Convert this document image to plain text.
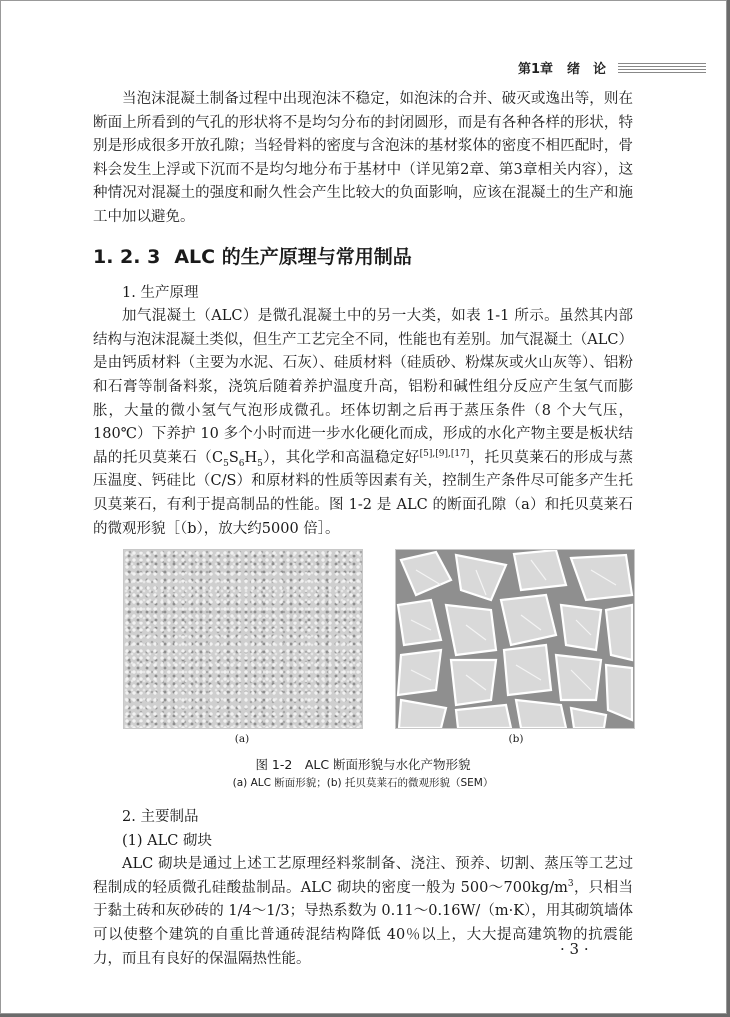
第1章 绪　论

当泡沫混凝土制备过程中出现泡沫不稳定，如泡沫的合并、破灭或逸出等，则在断面上所看到的气孔的形状将不是均匀分布的封闭圆形，而是有各种各样的形状，特别是形成很多开放孔隙；当轻骨料的密度与含泡沫的基材浆体的密度不相匹配时，骨料会发生上浮或下沉而不是均匀地分布于基材中（详见第2章、第3章相关内容），这种情况对混凝土的强度和耐久性会产生比较大的负面影响，应该在混凝土的生产和施工中加以避免。

1. 2. 3 ALC 的生产原理与常用制品

1. 生产原理

加气混凝土（ALC）是微孔混凝土中的另一大类，如表 1-1 所示。虽然其内部结构与泡沫混凝土类似，但生产工艺完全不同，性能也有差别。加气混凝土（ALC）是由钙质材料（主要为水泥、石灰）、硅质材料（硅质砂、粉煤灰或火山灰等）、铝粉和石膏等制备料浆，浇筑后随着养护温度升高，铝粉和碱性组分反应产生氢气而膨胀，大量的微小氢气气泡形成微孔。坯体切割之后再于蒸压条件（8 个大气压，180℃）下养护 10 多个小时而进一步水化硬化而成，形成的水化产物主要是板状结晶的托贝莫莱石$(C_5S_6H_5)$，其化学和高温稳定好[5],[9],[17]，托贝莫莱石的形成与蒸压温度、钙硅比（C/S）和原材料的性质等因素有关，控制生产条件尽可能多产生托贝莫莱石，有利于提高制品的性能。图 1-2 是 ALC 的断面孔隙（a）和托贝莫莱石的微观形貌［（b），放大约5000 倍］。

(a)	(b)
图 1-2　ALC 断面形貌与水化产物形貌
(a) ALC 断面形貌；(b) 托贝莫莱石的微观形貌（SEM）

2. 主要制品

(1) ALC 砌块

ALC 砌块是通过上述工艺原理经料浆制备、浇注、预养、切割、蒸压等工艺过程制成的轻质微孔硅酸盐制品。ALC 砌块的密度一般为 $500\sim 700kg/m^3$，只相当于黏土砖和灰砂砖的 1/4～1/3；导热系数为 0.11～0.16W/（m·K），用其砌筑墙体可以使整个建筑的自重比普通砖混结构降低 40％以上，大大提高建筑物的抗震能力，而且有良好的保温隔热性能。

· 3 ·
